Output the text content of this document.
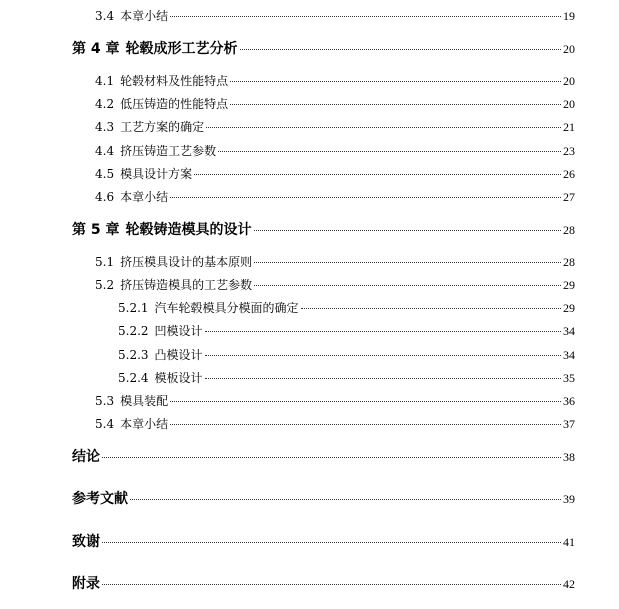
3.4 本章小结	19
第 4 章 轮毂成形工艺分析	20
4.1 轮毂材料及性能特点	20
4.2 低压铸造的性能特点	20
4.3 工艺方案的确定	21
4.4 挤压铸造工艺参数	23
4.5 模具设计方案	26
4.6 本章小结	27
第 5 章 轮毂铸造模具的设计	28
5.1 挤压模具设计的基本原则	28
5.2 挤压铸造模具的工艺参数	29
5.2.1 汽车轮毂模具分模面的确定	29
5.2.2 凹模设计	34
5.2.3 凸模设计	34
5.2.4 模板设计	35
5.3 模具装配	36
5.4 本章小结	37
结论	38
参考文献	39
致谢	41
附录	42
